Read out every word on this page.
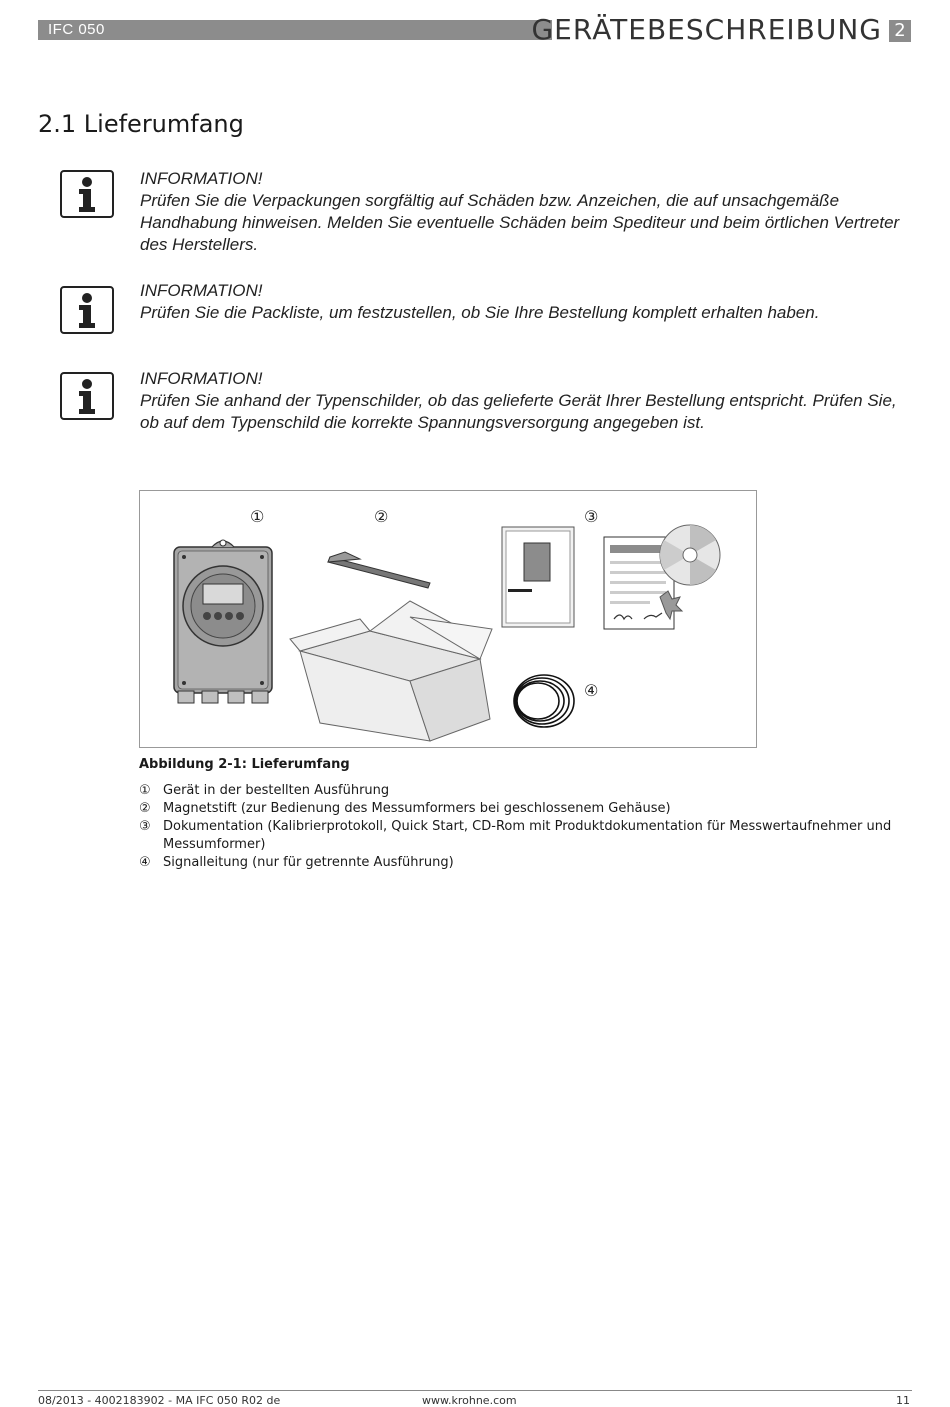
IFC 050	GERÄTEBESCHREIBUNG 2
2.1 Lieferumfang
INFORMATION!
Prüfen Sie die Verpackungen sorgfältig auf Schäden bzw. Anzeichen, die auf unsachgemäße Handhabung hinweisen. Melden Sie eventuelle Schäden beim Spediteur und beim örtlichen Vertreter des Herstellers.
INFORMATION!
Prüfen Sie die Packliste, um festzustellen, ob Sie Ihre Bestellung komplett erhalten haben.
INFORMATION!
Prüfen Sie anhand der Typenschilder, ob das gelieferte Gerät Ihrer Bestellung entspricht. Prüfen Sie, ob auf dem Typenschild die korrekte Spannungsversorgung angegeben ist.
①	②	③
④
Abbildung 2-1: Lieferumfang
① Gerät in der bestellten Ausführung
② Magnetstift (zur Bedienung des Messumformers bei geschlossenem Gehäuse)
③ Dokumentation (Kalibrierprotokoll, Quick Start, CD-Rom mit Produktdokumentation für Messwertaufnehmer und Messumformer)
④ Signalleitung (nur für getrennte Ausführung)
08/2013 - 4002183902 - MA IFC 050 R02 de	www.krohne.com	11
